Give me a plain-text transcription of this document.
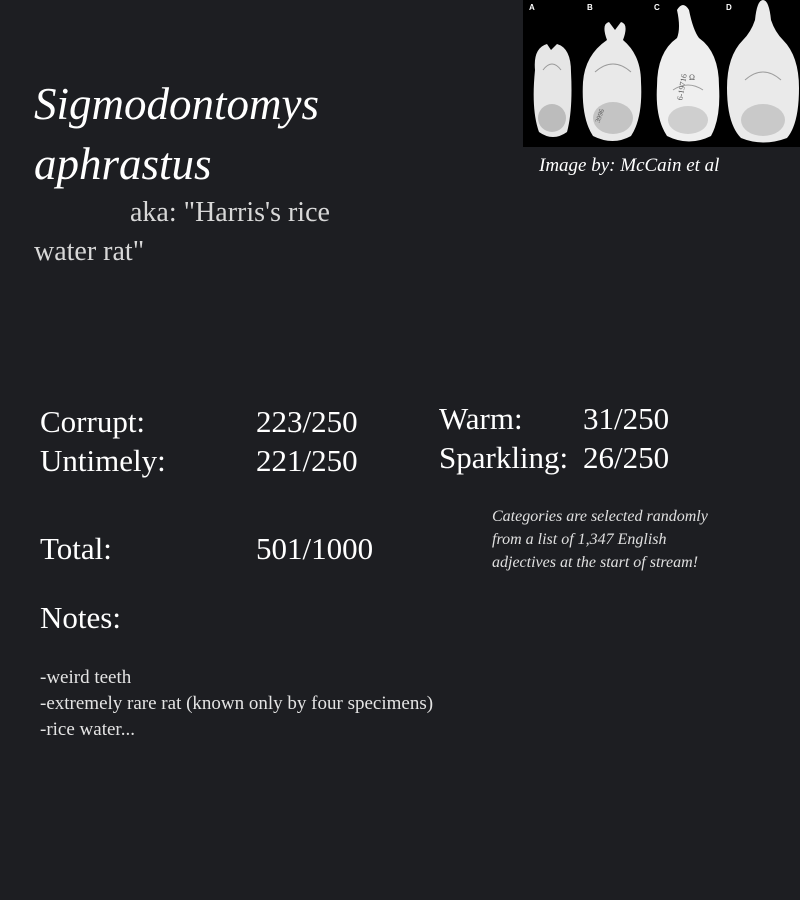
Sigmodontomys
aphrastus
aka: "Harris's rice water rat"
3996
6-19716 Ω
A	B	C	D
Image by: McCain et al
Corrupt:	223/250
Untimely:	221/250
Warm: 31/250
Sparkling: 26/250
Total:	501/1000
Categories are selected randomly from a list of 1,347 English adjectives at the start of stream!
Notes:
-weird teeth
-extremely rare rat (known only by four specimens)
-rice water...
